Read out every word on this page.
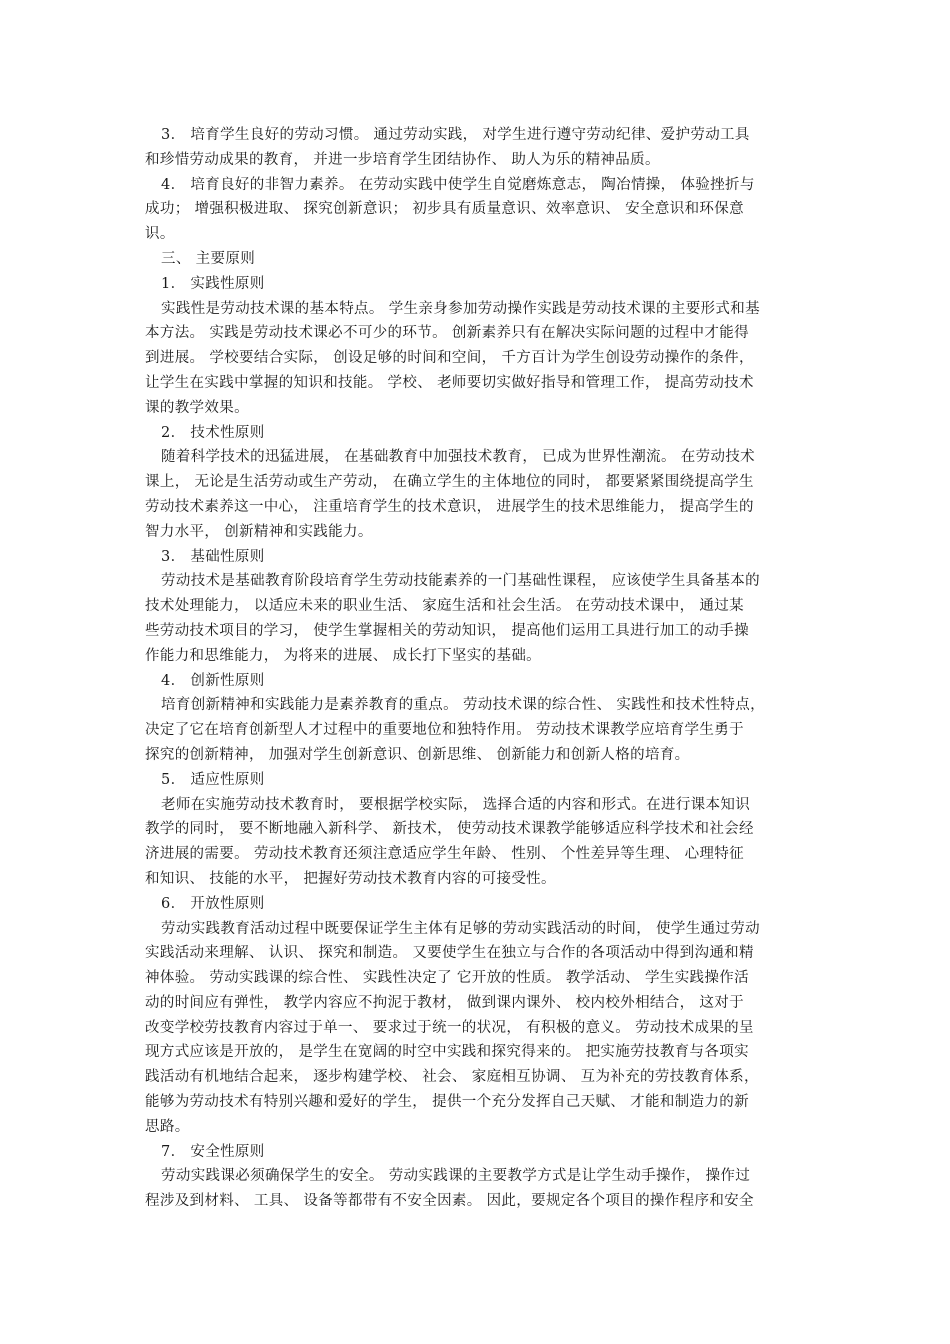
3． 培育学生良好的劳动习惯。 通过劳动实践， 对学生进行遵守劳动纪律、爱护劳动工具
和珍惜劳动成果的教育， 并进一步培育学生团结协作、 助人为乐的精神品质。
4． 培育良好的非智力素养。 在劳动实践中使学生自觉磨炼意志， 陶冶情操， 体验挫折与
成功； 增强积极进取、 探究创新意识； 初步具有质量意识、效率意识、 安全意识和环保意
识。
三、 主要原则
1． 实践性原则
实践性是劳动技术课的基本特点。 学生亲身参加劳动操作实践是劳动技术课的主要形式和基
本方法。 实践是劳动技术课必不可少的环节。 创新素养只有在解决实际问题的过程中才能得
到进展。 学校要结合实际， 创设足够的时间和空间， 千方百计为学生创设劳动操作的条件，
让学生在实践中掌握的知识和技能。 学校、 老师要切实做好指导和管理工作， 提高劳动技术
课的教学效果。
2． 技术性原则
随着科学技术的迅猛进展， 在基础教育中加强技术教育， 已成为世界性潮流。 在劳动技术
课上， 无论是生活劳动或生产劳动， 在确立学生的主体地位的同时， 都要紧紧围绕提高学生
劳动技术素养这一中心， 注重培育学生的技术意识， 进展学生的技术思维能力， 提高学生的
智力水平， 创新精神和实践能力。
3． 基础性原则
劳动技术是基础教育阶段培育学生劳动技能素养的一门基础性课程， 应该使学生具备基本的
技术处理能力， 以适应未来的职业生活、 家庭生活和社会生活。 在劳动技术课中， 通过某
些劳动技术项目的学习， 使学生掌握相关的劳动知识， 提高他们运用工具进行加工的动手操
作能力和思维能力， 为将来的进展、 成长打下坚实的基础。
4． 创新性原则
培育创新精神和实践能力是素养教育的重点。 劳动技术课的综合性、 实践性和技术性特点，
决定了它在培育创新型人才过程中的重要地位和独特作用。 劳动技术课教学应培育学生勇于
探究的创新精神， 加强对学生创新意识、创新思维、 创新能力和创新人格的培育。
5． 适应性原则
老师在实施劳动技术教育时， 要根据学校实际， 选择合适的内容和形式。在进行课本知识
教学的同时， 要不断地融入新科学、 新技术， 使劳动技术课教学能够适应科学技术和社会经
济进展的需要。 劳动技术教育还须注意适应学生年龄、 性别、 个性差异等生理、 心理特征
和知识、 技能的水平， 把握好劳动技术教育内容的可接受性。
6． 开放性原则
劳动实践教育活动过程中既要保证学生主体有足够的劳动实践活动的时间， 使学生通过劳动
实践活动来理解、 认识、 探究和制造。 又要使学生在独立与合作的各项活动中得到沟通和精
神体验。 劳动实践课的综合性、 实践性决定了 它开放的性质。 教学活动、 学生实践操作活
动的时间应有弹性， 教学内容应不拘泥于教材， 做到课内课外、 校内校外相结合， 这对于
改变学校劳技教育内容过于单一、 要求过于统一的状况， 有积极的意义。 劳动技术成果的呈
现方式应该是开放的， 是学生在宽阔的时空中实践和探究得来的。 把实施劳技教育与各项实
践活动有机地结合起来， 逐步构建学校、 社会、 家庭相互协调、 互为补充的劳技教育体系，
能够为劳动技术有特别兴趣和爱好的学生， 提供一个充分发挥自己天赋、 才能和制造力的新
思路。
7． 安全性原则
劳动实践课必须确保学生的安全。 劳动实践课的主要教学方式是让学生动手操作， 操作过
程涉及到材料、 工具、 设备等都带有不安全因素。 因此，要规定各个项目的操作程序和安全
